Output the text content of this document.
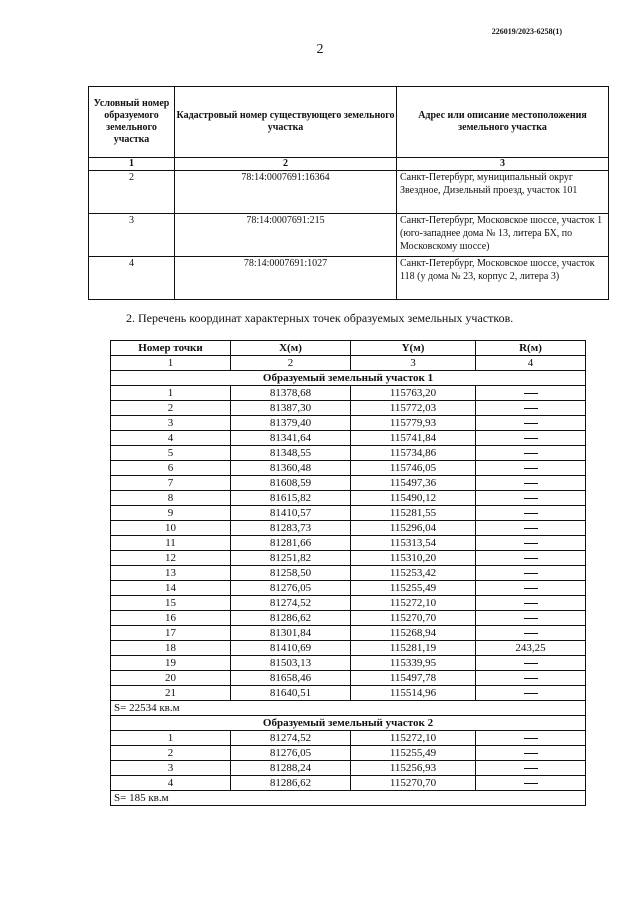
226019/2023-6258(1)
2
Условный номер образуемого земельного участка	Кадастровый номер существующего земельного участка	Адрес или описание местоположения земельного участка
1	2	3
2	78:14:0007691:16364	Санкт-Петербург, муниципальный округ Звездное, Дизельный проезд, участок 101
3	78:14:0007691:215	Санкт-Петербург, Московское шоссе, участок 1 (юго-западнее дома № 13, литера БХ, по Московскому шоссе)
4	78:14:0007691:1027	Санкт-Петербург, Московское шоссе, участок 118 (у дома № 23, корпус 2, литера 3)
2. Перечень координат характерных точек образуемых земельных участков.
Номер точки	X(м)	Y(м)	R(м)
1	2	3	4
Образуемый земельный участок 1			
1	81378,68	115763,20	
2	81387,30	115772,03	
3	81379,40	115779,93	
4	81341,64	115741,84	
5	81348,55	115734,86	
6	81360,48	115746,05	
7	81608,59	115497,36	
8	81615,82	115490,12	
9	81410,57	115281,55	
10	81283,73	115296,04	
11	81281,66	115313,54	
12	81251,82	115310,20	
13	81258,50	115253,42	
14	81276,05	115255,49	
15	81274,52	115272,10	
16	81286,62	115270,70	
17	81301,84	115268,94	
18	81410,69	115281,19	243,25
19	81503,13	115339,95	
20	81658,46	115497,78	
21	81640,51	115514,96	
S= 22534 кв.м			
Образуемый земельный участок 2			
1	81274,52	115272,10	
2	81276,05	115255,49	
3	81288,24	115256,93	
4	81286,62	115270,70	
S= 185 кв.м			
